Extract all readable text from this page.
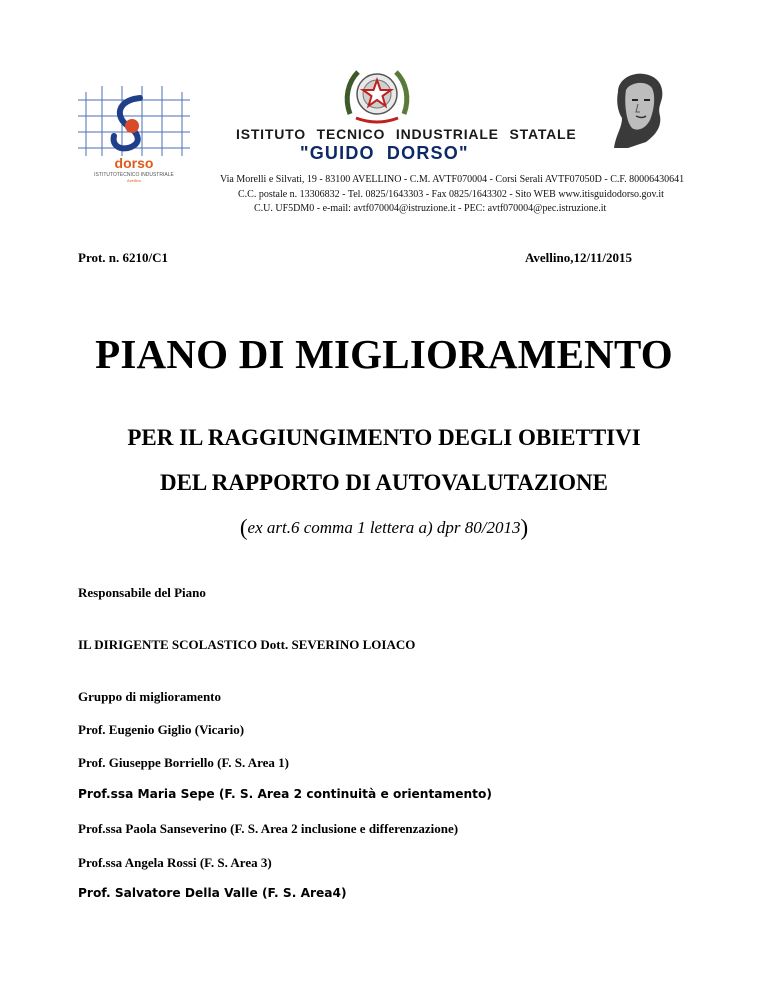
dorso
ISTITUTOTECNICO INDUSTRIALE
Avellino
ISTITUTO TECNICO INDUSTRIALE STATALE
"GUIDO DORSO"
Via Morelli e Silvati, 19 - 83100 AVELLINO - C.M. AVTF070004 - Corsi Serali AVTF07050D - C.F. 80006430641
C.C. postale n. 13306832 - Tel. 0825/1643303 - Fax 0825/1643302 - Sito WEB www.itisguidodorso.gov.it
C.U. UF5DM0 - e-mail: avtf070004@istruzione.it - PEC: avtf070004@pec.istruzione.it
Prot. n. 6210/C1	Avellino,12/11/2015
PIANO DI MIGLIORAMENTO
PER IL RAGGIUNGIMENTO DEGLI OBIETTIVI
DEL RAPPORTO DI AUTOVALUTAZIONE
(ex art.6 comma 1 lettera a) dpr 80/2013)
Responsabile del Piano
IL DIRIGENTE SCOLASTICO Dott. SEVERINO LOIACO
Gruppo di miglioramento
Prof. Eugenio Giglio (Vicario)
Prof. Giuseppe Borriello (F. S. Area 1)
Prof.ssa Maria Sepe (F. S. Area 2 continuità e orientamento)
Prof.ssa Paola Sanseverino (F. S. Area 2 inclusione e differenzazione)
Prof.ssa Angela Rossi (F. S. Area 3)
Prof. Salvatore Della Valle (F. S. Area4)
